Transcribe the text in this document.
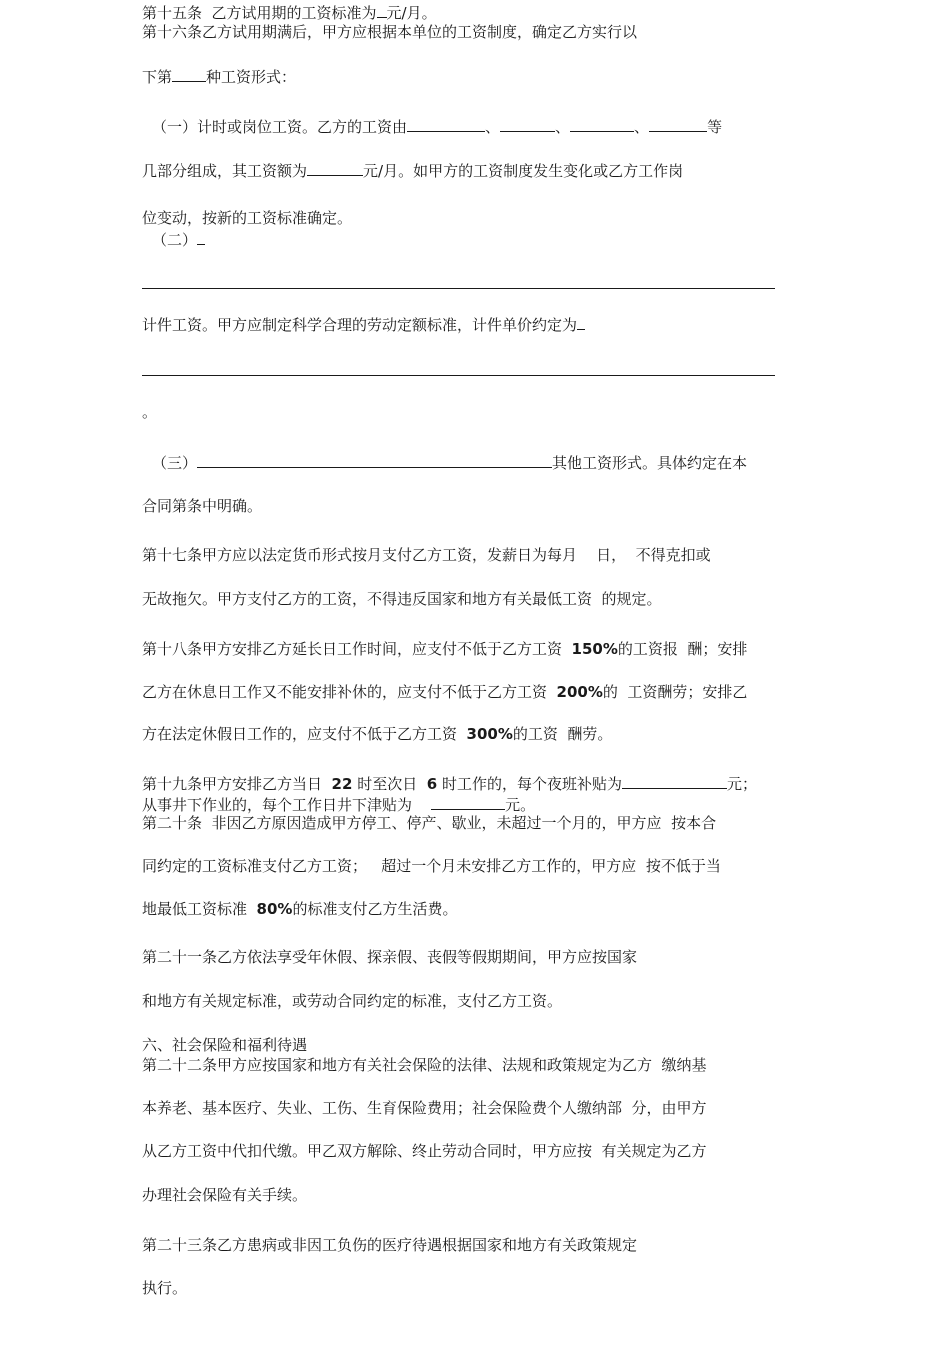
第十五条  乙方试用期的工资标准为 元/月。
第十六条乙方试用期满后，甲方应根据本单位的工资制度，确定乙方实行以
下第 种工资形式：
（一）计时或岗位工资。乙方的工资由	、	、	、	等
几部分组成，其工资额为	元/月。如甲方的工资制度发生变化或乙方工作岗
位变动，按新的工资标准确定。
（二）
计件工资。甲方应制定科学合理的劳动定额标准，计件单价约定为
。
（三）	其他工资形式。具体约定在本
合同第条中明确。
第十七条甲方应以法定货币形式按月支付乙方工资，发薪日为每月    日，  不得克扣或
无故拖欠。甲方支付乙方的工资，不得违反国家和地方有关最低工资  的规定。
第十八条甲方安排乙方延长日工作时间，应支付不低于乙方工资  150%的工资报  酬；安排
乙方在休息日工作又不能安排补休的，应支付不低于乙方工资  200%的  工资酬劳；安排乙
方在法定休假日工作的，应支付不低于乙方工资  300%的工资  酬劳。
第十九条甲方安排乙方当日  22 时至次日  6 时工作的，每个夜班补贴为	元；
从事井下作业的，每个工作日井下津贴为	元。
第二十条  非因乙方原因造成甲方停工、停产、歇业，未超过一个月的，甲方应  按本合
同约定的工资标准支付乙方工资；   超过一个月未安排乙方工作的，甲方应  按不低于当
地最低工资标准  80%的标准支付乙方生活费。
第二十一条乙方依法享受年休假、探亲假、丧假等假期期间，甲方应按国家
和地方有关规定标准，或劳动合同约定的标准，支付乙方工资。
六、社会保险和福利待遇
第二十二条甲方应按国家和地方有关社会保险的法律、法规和政策规定为乙方  缴纳基
本养老、基本医疗、失业、工伤、生育保险费用；社会保险费个人缴纳部  分，由甲方
从乙方工资中代扣代缴。甲乙双方解除、终止劳动合同时，甲方应按  有关规定为乙方
办理社会保险有关手续。
第二十三条乙方患病或非因工负伤的医疗待遇根据国家和地方有关政策规定
执行。
